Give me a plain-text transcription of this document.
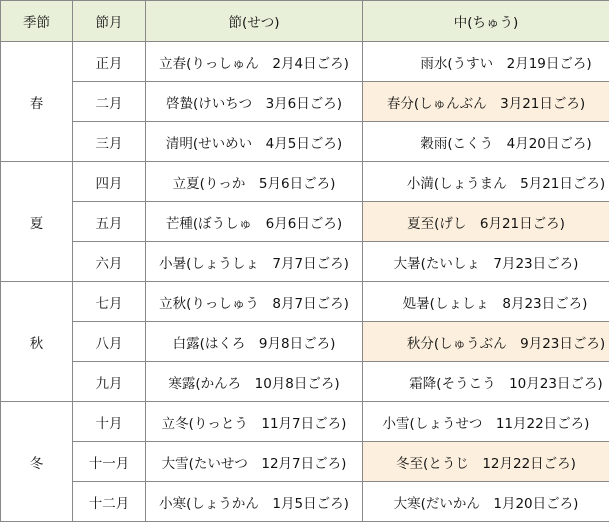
季節	節月	節(せつ)	中(ちゅう)
春	正月	立春(りっしゅん　2月4日ごろ)	雨水(うすい　2月19日ごろ)
	二月	啓蟄(けいちつ　3月6日ごろ)	春分(しゅんぶん　3月21日ごろ)
	三月	清明(せいめい　4月5日ごろ)	穀雨(こくう　4月20日ごろ)
夏	四月	立夏(りっか　5月6日ごろ)	小満(しょうまん　5月21日ごろ)
	五月	芒種(ぼうしゅ　6月6日ごろ)	夏至(げし　6月21日ごろ)
	六月	小暑(しょうしょ　7月7日ごろ)	大暑(たいしょ　7月23日ごろ)
秋	七月	立秋(りっしゅう　8月7日ごろ)	処暑(しょしょ　8月23日ごろ)
	八月	白露(はくろ　9月8日ごろ)	秋分(しゅうぶん　9月23日ごろ)
	九月	寒露(かんろ　10月8日ごろ)	霜降(そうこう　10月23日ごろ)
冬	十月	立冬(りっとう　11月7日ごろ)	小雪(しょうせつ　11月22日ごろ)
	十一月	大雪(たいせつ　12月7日ごろ)	冬至(とうじ　12月22日ごろ)
	十二月	小寒(しょうかん　1月5日ごろ)	大寒(だいかん　1月20日ごろ)
